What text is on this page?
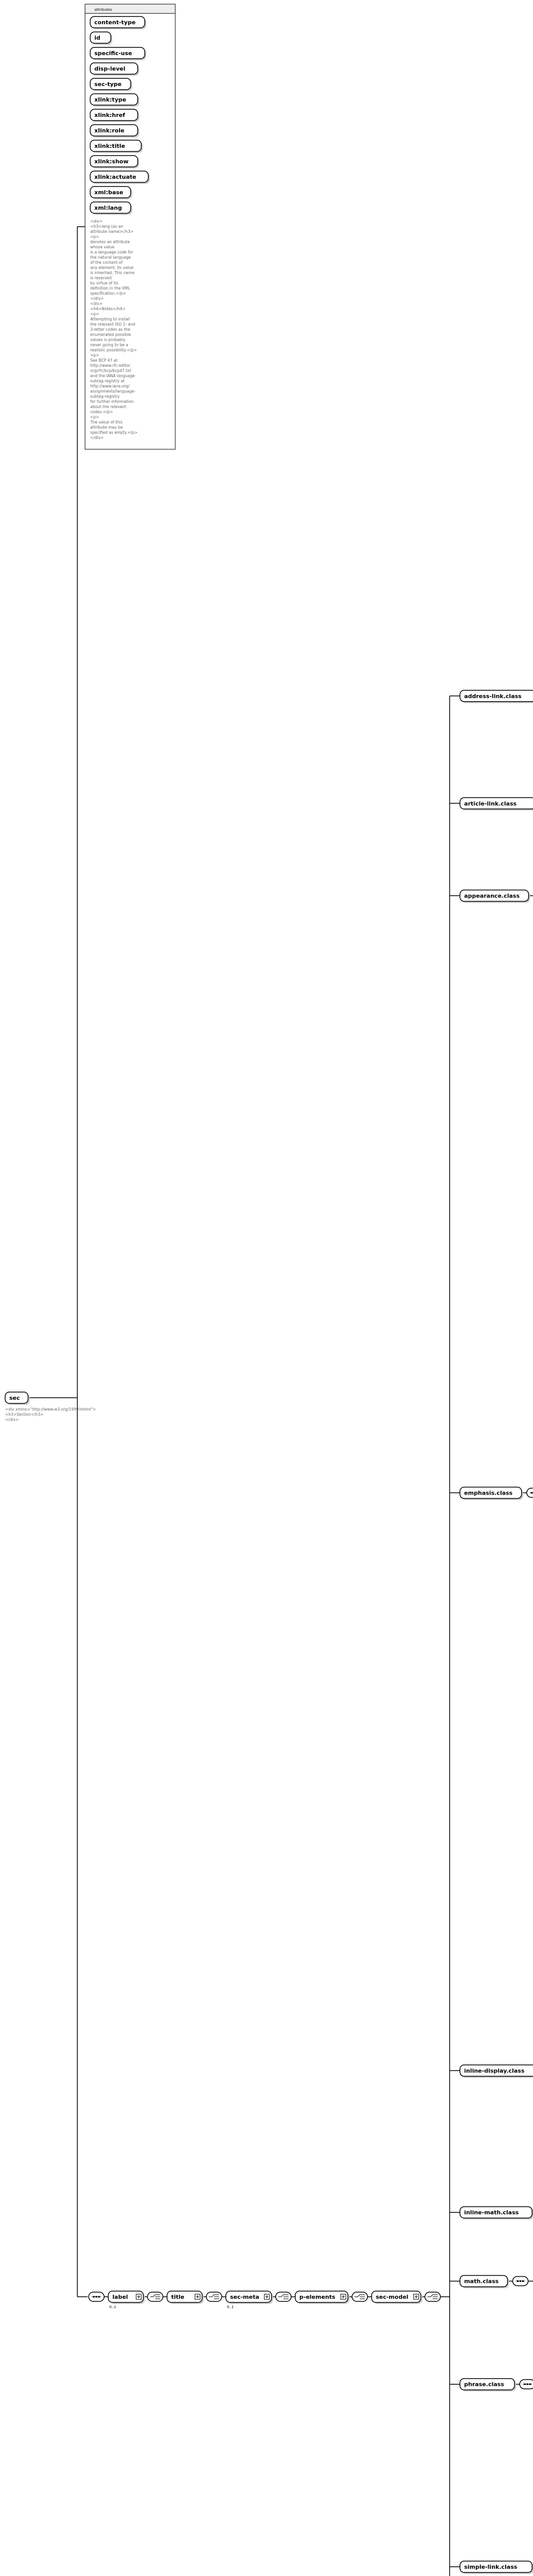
sec
<div xmlns="http://www.w3.org/1999/xhtml">
<h3>Section</h3>
</div>
attributes
content-type
id
specific-use
disp-level
sec-type
xlink:type
xlink:href
xlink:role
xlink:title
xlink:show
xlink:actuate
xml:base
xml:lang
<div>
<h3>lang (as an
attribute name)</h3>
<p>
denotes an attribute
whose value
is a language code for
the natural language
of the content of
any element; its value
is inherited. This name
is reserved
by virtue of its
definition in the XML
specification.</p>
</div>
<div>
<h4>Notes</h4>
<p>
Attempting to install
the relevant ISO 2- and
3-letter codes as the
enumerated possible
values is probably
never going to be a
realistic possibility.</p>
<p>
See BCP 47 at
http://www.rfc-editor.
org/rfc/bcp/bcp47.txt
and the IANA language
subtag registry at
http://www.iana.org/
assignments/language-
subtag-registry
for further information
about the relevant
codes.</p>
<p>
The value of this
attribute may be
specified as empty.</p>
</div>
label
0..1
title	sec-meta
0..1
p-elements	sec-model
address-link.class
article-link.class
appearance.class
emphasis.class
inline-display.class
inline-math.class
math.class
phrase.class
simple-link.class
